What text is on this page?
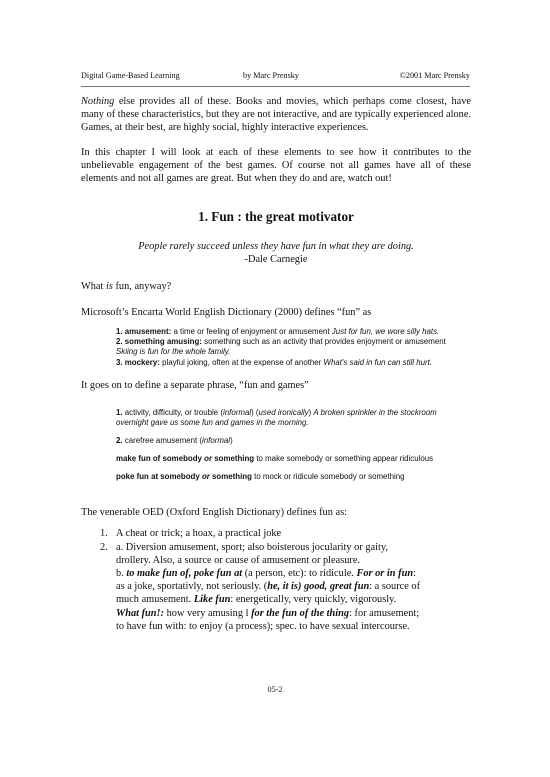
Digital Game-Based Learning	by Marc Prensky	©2001 Marc Prensky

Nothing else provides all of these. Books and movies, which perhaps come closest, have many of these characteristics, but they are not interactive, and are typically experienced alone. Games, at their best, are highly social, highly interactive experiences.

In this chapter I will look at each of these elements to see how it contributes to the unbelievable engagement of the best games. Of course not all games have all of these elements and not all games are great. But when they do and are, watch out!

1. Fun : the great motivator

People rarely succeed unless they have fun in what they are doing.

-Dale Carnegie

What is fun, anyway?

Microsoft’s Encarta World English Dictionary (2000) defines “fun” as

1. amusement: a time or feeling of enjoyment or amusement Just for fun, we wore silly hats.

2. something amusing: something such as an activity that provides enjoyment or amusement Skiing is fun for the whole family.

3. mockery: playful joking, often at the expense of another What's said in fun can still hurt.

It goes on to define a separate phrase, “fun and games”

1. activity, difficulty, or trouble (informal) (used ironically) A broken sprinkler in the stockroom overnight gave us some fun and games in the morning.

2. carefree amusement (informal)

make fun of somebody or something to make somebody or something appear ridiculous

poke fun at somebody or something to mock or ridicule somebody or something

The venerable OED (Oxford English Dictionary) defines fun as:

1. A cheat or trick; a hoax, a practical joke
2. a. Diversion amusement, sport; also boisterous jocularity or gaity, drollery. Also, a source or cause of amusement or pleasure.
b. to make fun of, poke fun at (a person, etc): to ridicule. For or in fun: as a joke, sportativly, not seriously. (he, it is) good, great fun: a source of much amusement. Like fun: energetically, very quickly, vigorously. What fun!: how very amusing l for the fun of the thing: for amusement; to have fun with: to enjoy (a process); spec. to have sexual intercourse.
05-2
